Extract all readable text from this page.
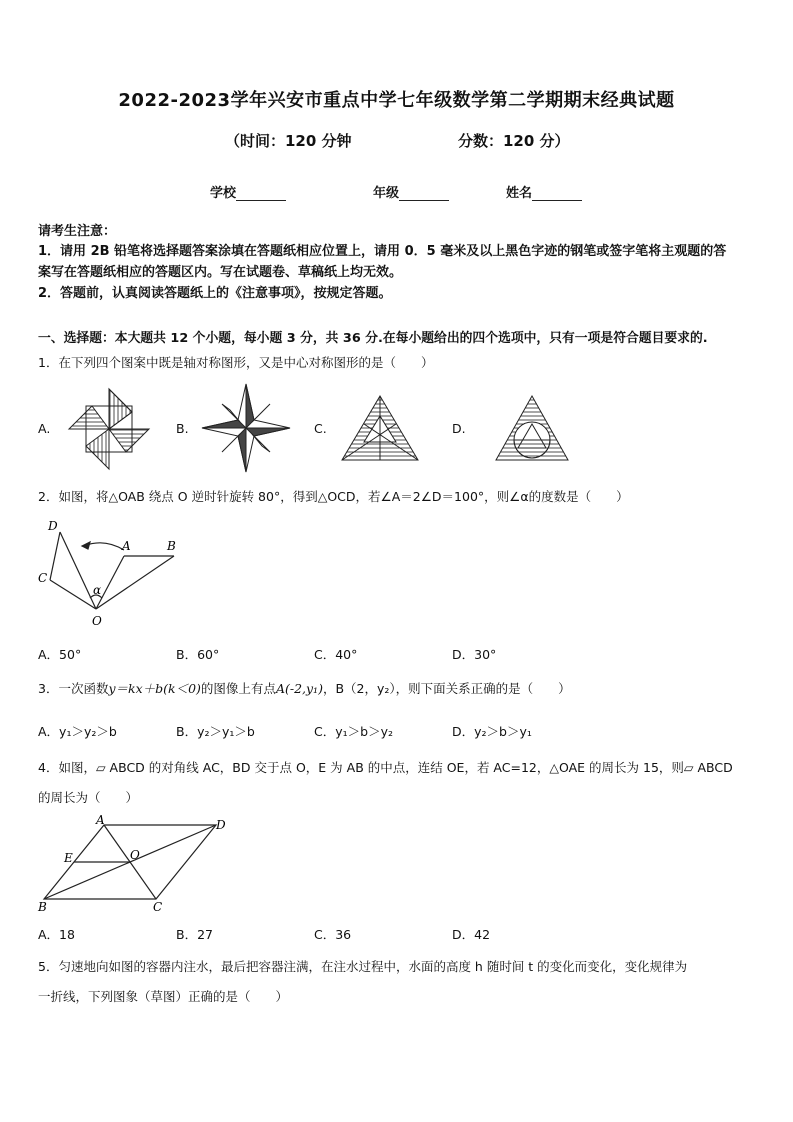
2022-2023学年兴安市重点中学七年级数学第二学期期末经典试题
（时间：120 分钟	分数：120 分）
学校	年级	姓名
请考生注意：
1．请用 2B 铅笔将选择题答案涂填在答题纸相应位置上，请用 0．5 毫米及以上黑色字迹的钢笔或签字笔将主观题的答
案写在答题纸相应的答题区内。写在试题卷、草稿纸上均无效。
2．答题前，认真阅读答题纸上的《注意事项》，按规定答题。
一、选择题：本大题共 12 个小题，每小题 3 分，共 36 分.在每小题给出的四个选项中，只有一项是符合题目要求的.
1．在下列四个图案中既是轴对称图形，又是中心对称图形的是（　　）
A.	B.	C.	D.
2．如图，将△OAB 绕点 O 逆时针旋转 80°，得到△OCD，若∠A＝2∠D＝100°，则∠α的度数是（　　）
D
A	B
C
O
α
A．50°	B．60°	C．40°	D．30°
3．一次函数y＝kx＋b(k＜0)的图像上有点A(-2,y₁)，B（2，y₂），则下面关系正确的是（　　）
A．y₁＞y₂＞b	B．y₂＞y₁＞b	C．y₁＞b＞y₂	D．y₂＞b＞y₁
4．如图，▱ ABCD 的对角线 AC，BD 交于点 O，E 为 AB 的中点，连结 OE，若 AC=12，△OAE 的周长为 15，则▱ ABCD
的周长为（　　）
A	D
E	O
B	C
A．18	B．27	C．36	D．42
5．匀速地向如图的容器内注水，最后把容器注满，在注水过程中，水面的高度 h 随时间 t 的变化而变化，变化规律为
一折线，下列图象（草图）正确的是（　　）
